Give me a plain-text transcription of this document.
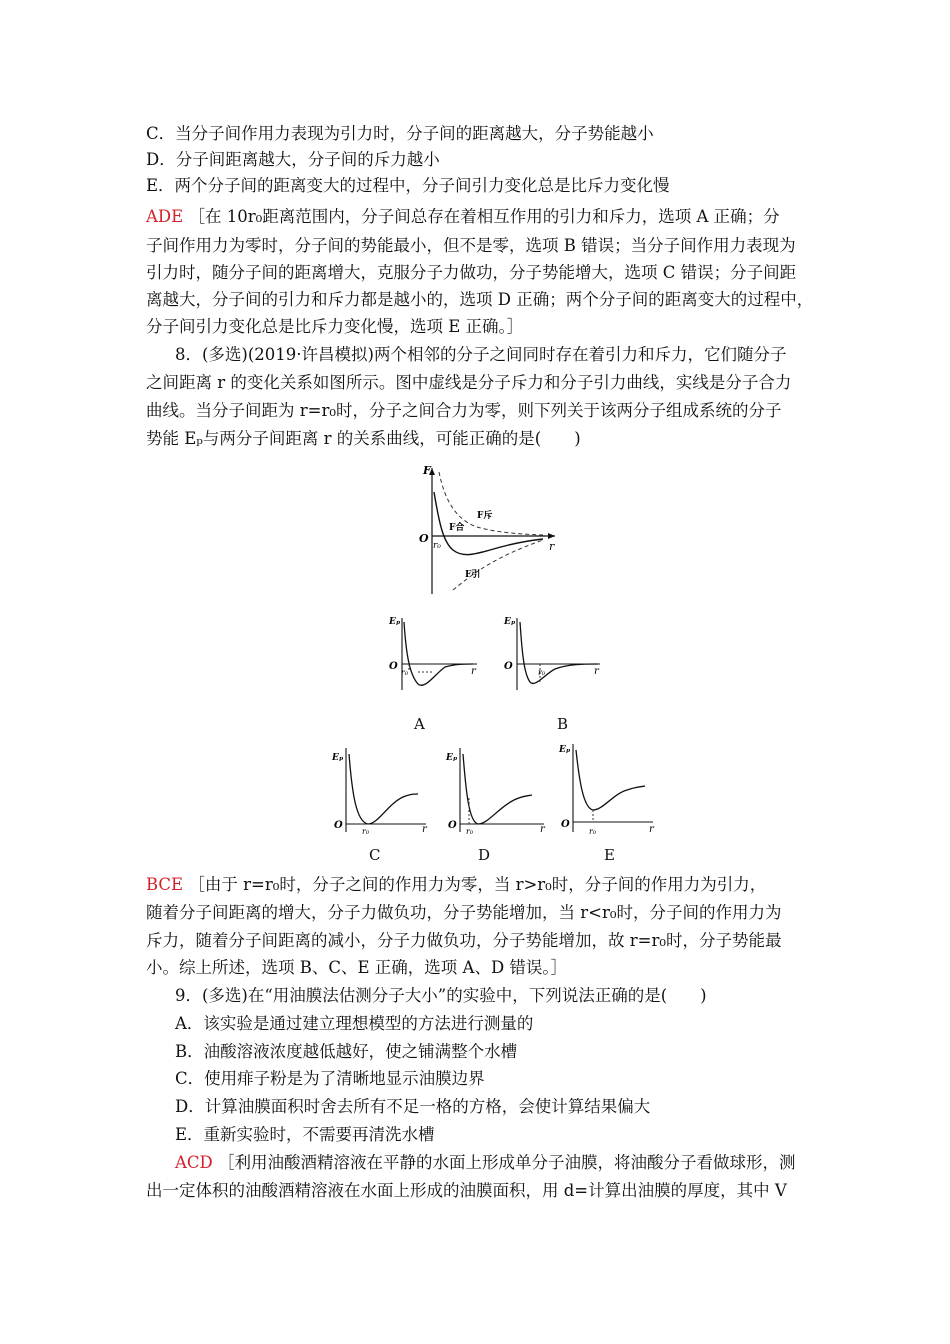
C．当分子间作用力表现为引力时，分子间的距离越大，分子势能越小
D．分子间距离越大，分子间的斥力越小
E．两个分子间的距离变大的过程中，分子间引力变化总是比斥力变化慢
ADE ［在 10r₀距离范围内，分子间总存在着相互作用的引力和斥力，选项 A 正确；分
子间作用力为零时，分子间的势能最小，但不是零，选项 B 错误；当分子间作用力表现为
引力时，随分子间的距离增大，克服分子力做功，分子势能增大，选项 C 错误；分子间距
离越大，分子间的引力和斥力都是越小的，选项 D 正确；两个分子间的距离变大的过程中，
分子间引力变化总是比斥力变化慢，选项 E 正确。］
8．(多选)(2019·许昌模拟)两个相邻的分子之间同时存在着引力和斥力，它们随分子
之间距离 r 的变化关系如图所示。图中虚线是分子斥力和分子引力曲线，实线是分子合力
曲线。当分子间距为 r=r₀时，分子之间合力为零，则下列关于该两分子组成系统的分子
势能 Eₚ与两分子间距离 r 的关系曲线，可能正确的是(　　)
F
O
r
r₀
F斥
F合
F引
Eₚ
O	r
r₀
A
Eₚ
O	r
r₀
B
Eₚ
O	r
r₀
C
Eₚ
O	r
r₀
D
Eₚ
O	r
r₀
E
BCE ［由于 r=r₀时，分子之间的作用力为零，当 r>r₀时，分子间的作用力为引力，
随着分子间距离的增大，分子力做负功，分子势能增加，当 r<r₀时，分子间的作用力为
斥力，随着分子间距离的减小，分子力做负功，分子势能增加，故 r=r₀时，分子势能最
小。综上所述，选项 B、C、E 正确，选项 A、D 错误。］
9．(多选)在“用油膜法估测分子大小”的实验中，下列说法正确的是(　　)
A．该实验是通过建立理想模型的方法进行测量的
B．油酸溶液浓度越低越好，使之铺满整个水槽
C．使用痱子粉是为了清晰地显示油膜边界
D．计算油膜面积时舍去所有不足一格的方格，会使计算结果偏大
E．重新实验时，不需要再清洗水槽
ACD ［利用油酸酒精溶液在平静的水面上形成单分子油膜，将油酸分子看做球形，测
出一定体积的油酸酒精溶液在水面上形成的油膜面积，用 d=计算出油膜的厚度，其中 V
